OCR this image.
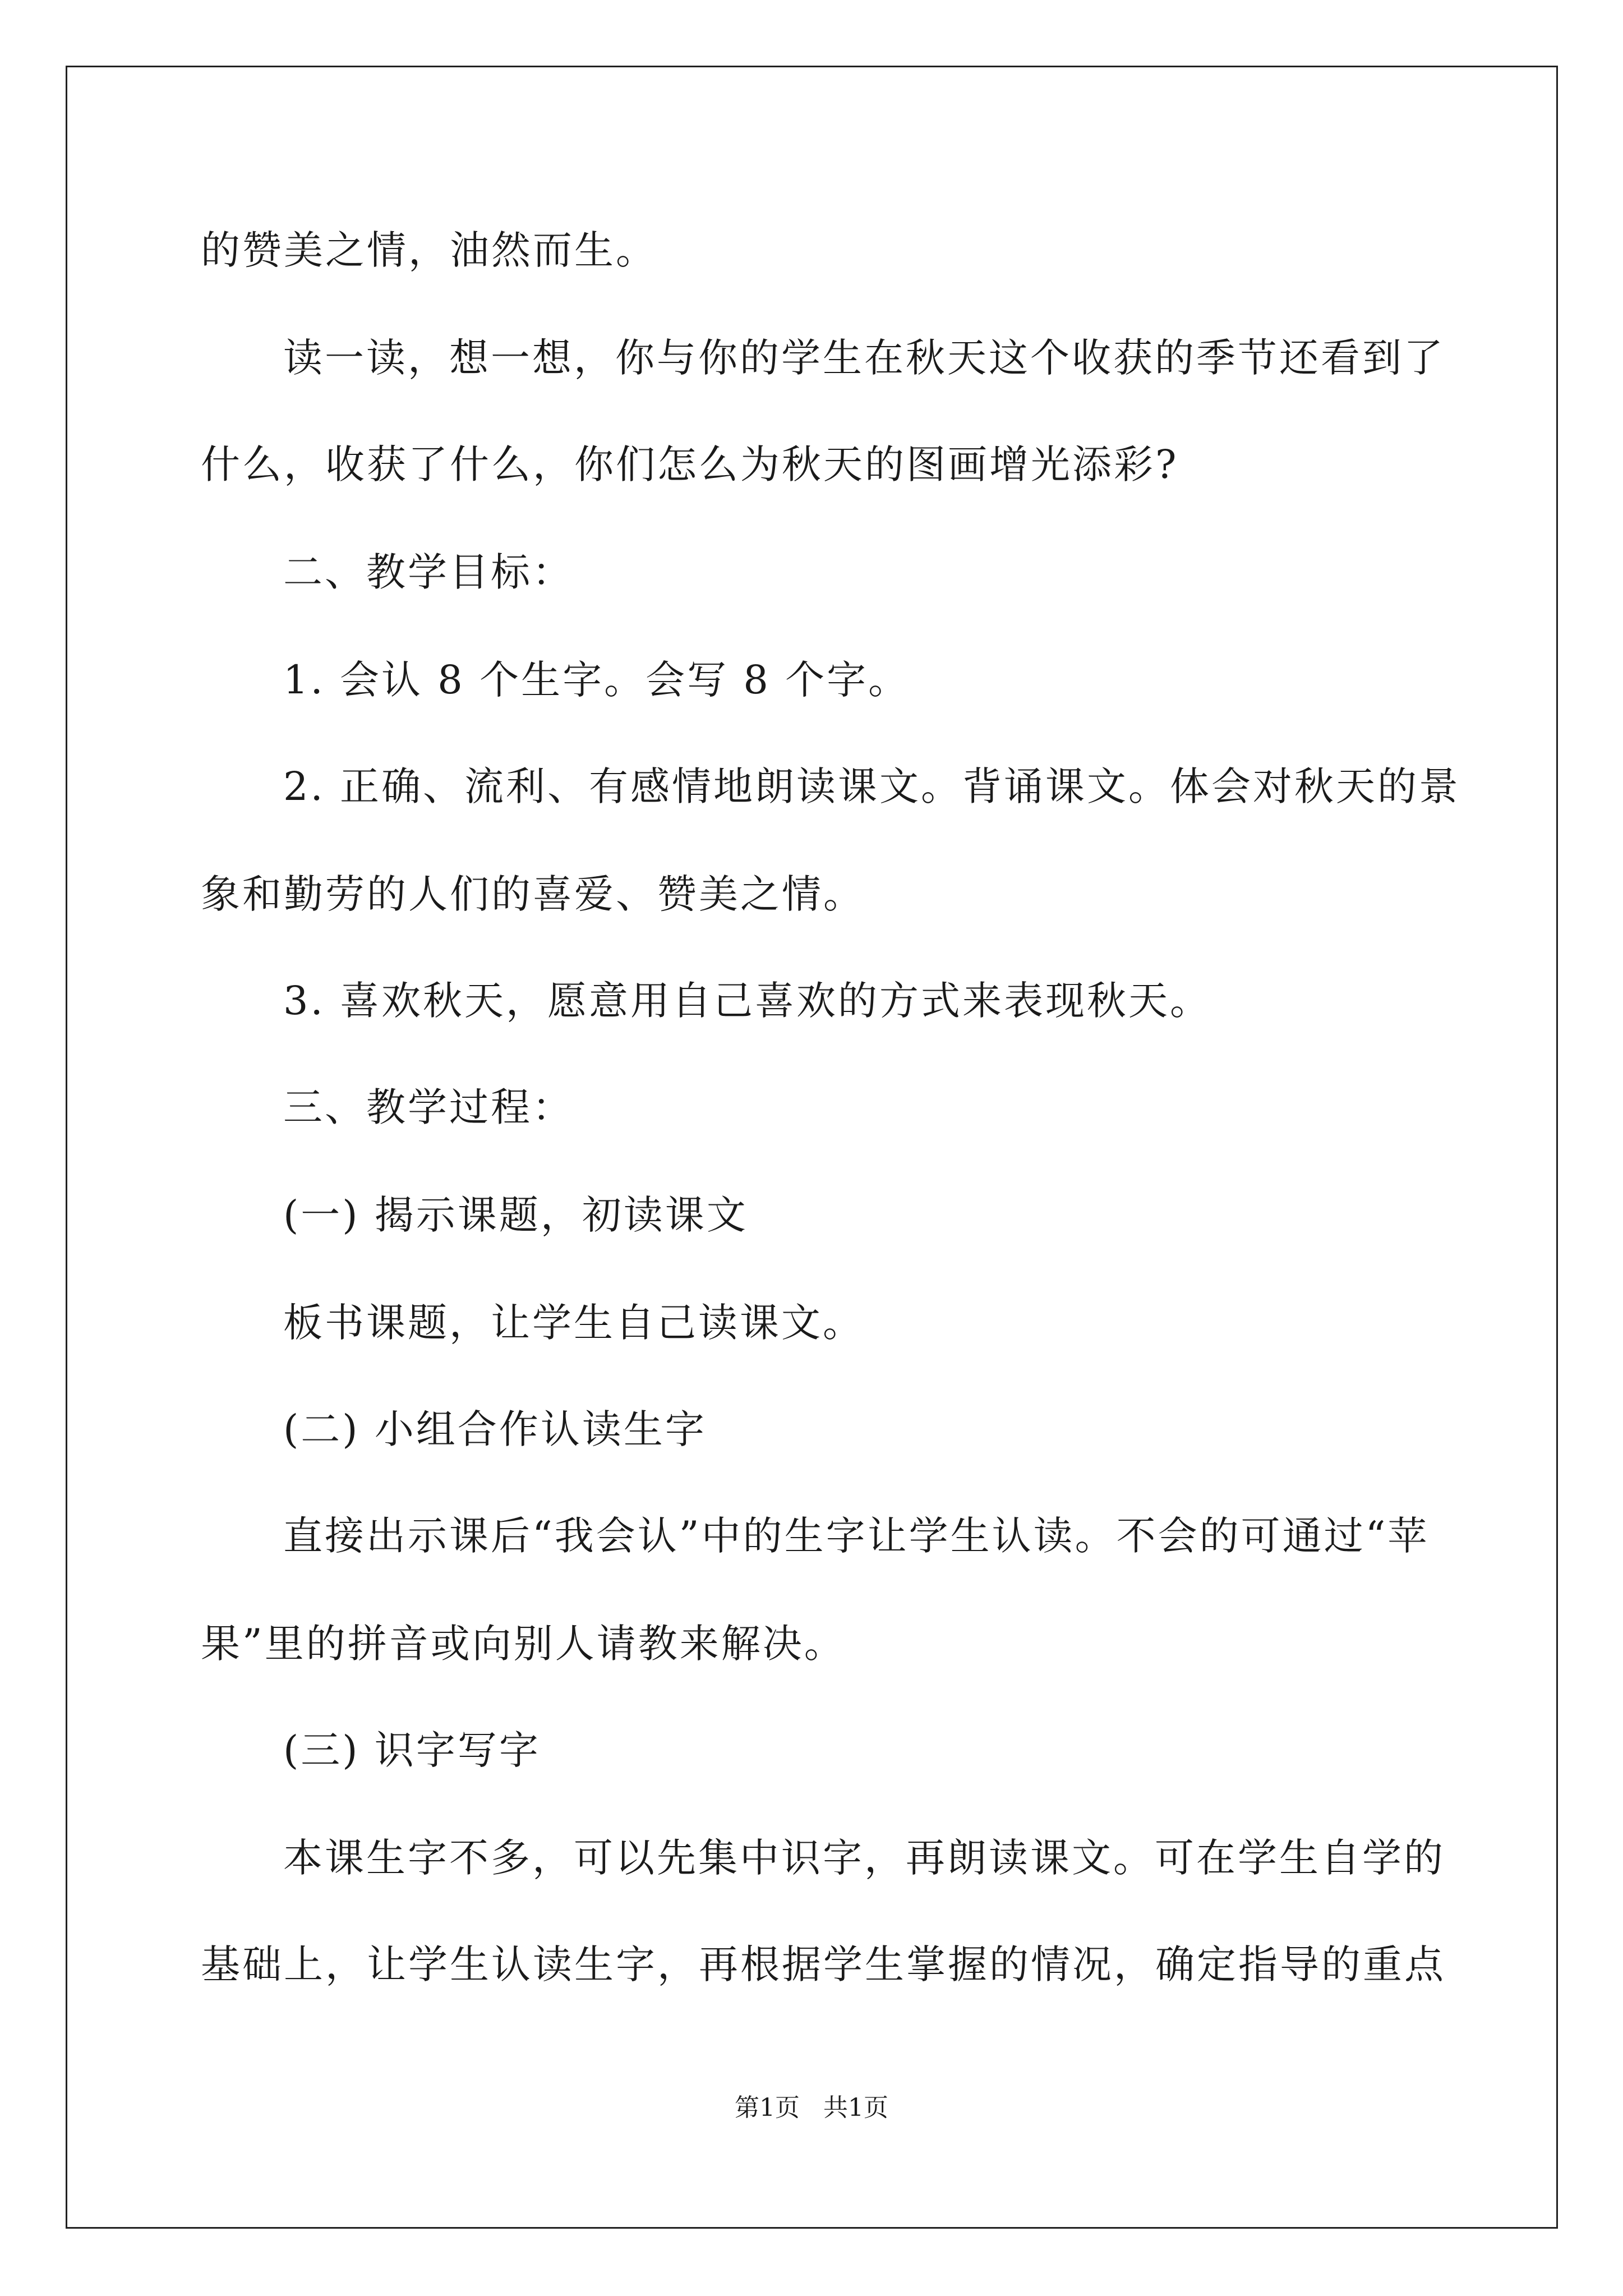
的赞美之情，油然而生。
读一读，想一想，你与你的学生在秋天这个收获的季节还看到了
什么，收获了什么，你们怎么为秋天的图画增光添彩?
二、教学目标：
1. 会认 8 个生字。会写 8 个字。
2. 正确、流利、有感情地朗读课文。背诵课文。体会对秋天的景
象和勤劳的人们的喜爱、赞美之情。
3. 喜欢秋天，愿意用自己喜欢的方式来表现秋天。
三、教学过程：
(一) 揭示课题，初读课文
板书课题，让学生自己读课文。
(二) 小组合作认读生字
直接出示课后“我会认”中的生字让学生认读。不会的可通过“苹
果”里的拼音或向别人请教来解决。
(三) 识字写字
本课生字不多，可以先集中识字，再朗读课文。可在学生自学的
基础上，让学生认读生字，再根据学生掌握的情况，确定指导的重点
第1页   共1页
